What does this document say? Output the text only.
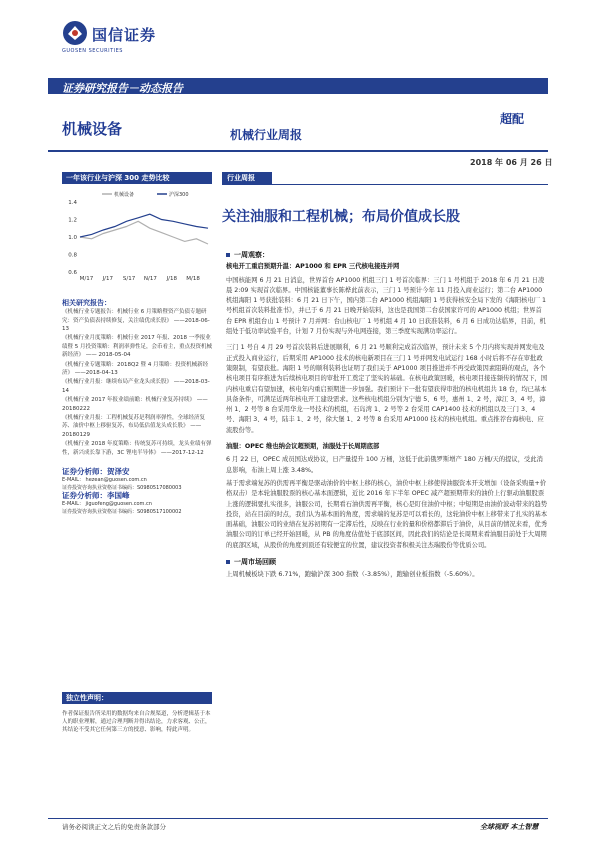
国信证券
GUOSEN SECURITIES
证券研究报告－动态报告
机械设备	机械行业周报
超配
2018 年 06 月 26 日
一年该行业与沪深 300 走势比较
机械设备	沪深300
1.4
1.2
1.0
0.8
0.6
M/17 J/17 S/17 N/17 J/18 M/18
相关研究报告：
《机械行业专题报告：机械行业 6 月策略暨资产负债专题研究：资产负债表持续修复，关注绩优成长股》 ——2018-06-13
《机械行业月度策略：机械行业 2017 年报、2018 一季报业绩暨 5 月投资策略：利润率弹性足，会币看主，重点投资机械新经济》 —— 2018-05-04
《机械行业专题策略：2018Q2 暨 4 月策略：投资机械新经济》 ——2018-04-13
《机械行业月报：继续布局产业龙头成长股》 ——2018-03-14
《机械行业 2017 年报业绩前瞻：机械行业复苏持续》 ——20180222
《机械行业月报：工程机械复苏是利润率弹性，全球经济复苏、油价中枢上移驱复苏，布局低估值龙头成长股》 ——20180129
《机械行业 2018 年度策略：传统复苏可持续，龙头业绩有弹性，新兴成长靠下游，3C 锂电半导体》 ——2017-12-12
证券分析师：贺泽安
E-MAIL： hezean@guosen.com.cn
证券投资咨询执业资格证书编码：S0980517080003
证券分析师：李国峰
E-MAIL： jiguofeng@guosen.com.cn
证券投资咨询执业资格证书编码：S0980517100002
独立性声明：
作者保证报告所采用的数据均来自合规渠道，分析逻辑基于本人的职业理解，通过合理判断并得出结论，力求客观、公正，其结论不受其它任何第三方的授意、影响，特此声明。
行业周报
关注油服和工程机械；布局价值成长股
一周观察：
核电开工重启预期升温：AP1000 和 EPR 三代核电接连并网
中国核能网 6 月 21 日消息，世界首台 AP1000 机组三门 1 号首次临界：三门 1 号机组于 2018 年 6 月 21 日凌晨 2:09 实现首次临界。中国核能董事长陈桦此前表示，三门 1 号预计今年 11 月投入商业运行；第二台 AP1000 机组海阳 1 号获批装料：6 月 21 日下午，国内第二台 AP1000 机组海阳 1 号获得核安全局下发的《海阳核电厂 1 号机组首次装料批准书》，并已于 6 月 21 日晚开始装料，这也是我国第二台获国家许可的 AP1000 机组；世界首台 EPR 机组台山 1 号预计 7 月并网：台山核电厂 1 号机组 4 月 10 日获准装料，6 月 6 日成功达临界，目前，机组处于低功率试验平台，计划 7 月份实现与外电网连接，第三季度实现满功率运行。
三门 1 号自 4 月 29 号首次装料后进展顺利，6 月 21 号顺利完成首次临界，预计未来 5 个月内将实现并网发电及正式投入商业运行，后期采用 AP1000 技术的核电新项目在三门 1 号并网发电试运行 168 小时后将不存在审批政策限制，有望获批。海阳 1 号的顺利装料也证明了我们关于 AP1000 项目推进并不再受政策因素阻碍的观点，各个核电项目有序推进为后续核电项目的审批开工奠定了坚实的基础。在核电政策回暖，核电项目接连频传的情况下，国内核电重启有望加速，核电年内重启预期进一步加强。我们预计下一批有望获得审批的核电机组共 18 台，均已基本具备条件，可满足近两年核电开工建设需求。这些核电机组分别为宁德 5、6 号，惠州 1、2 号，漳江 3、4 号，漳州 1、2 号等 8 台采用华龙一号技术的机组，石岛湾 1、2 号等 2 台采用 CAP1400 技术的机组以及三门 3、4 号、海阳 3、4 号，陆丰 1、2 号，徐大堡 1、2 号等 8 台采用 AP1000 技术的核电机组。重点推荐台海核电、应流股份等。
油服：OPEC 维也纳会议超预期，油服处于长周期底部
6 月 22 日，OPEC 成员国达成协议，日产量提升 100 万桶，这低于此前俄罗斯增产 180 万桶/天的提议，受此消息影响，布油上周上涨 3.48%。
基于需求端复苏的供需再平衡是驱动油价的中枢上移的核心，油价中枢上移使得油服资本开支增加（设备采购量+价格双击）是本轮油服股票的核心基本面逻辑，近比 2016 年下半年 OPEC 减产超预期带来的油价上行驱动油服股票上涨的逻辑要扎实很多，油服公司，长期看石油供需再平衡，核心是盯住油价中枢；中短期是由油价波动带来的趋势投资，站在目前的时点，我们认为基本面的角度，需求端的复苏是可以看长的，这轮油价中枢上移带来了扎实的基本面基础，油服公司的业绩在复苏初期有一定滞后性，反映在行业的量和价格都滞后于油价，从目前的情况来看，优秀油服公司的订单已经开始回暖，从 PB 的角度估值处于底部区间，因此我们的结论是长周期来看油服目前处于大周期的底部区域，从股价的角度到顶还有较便宜的位置，建议投资者积极关注杰瑞股份等优质公司。
一周市场回顾
上周机械板块下跌 6.71%，跑输沪深 300 指数（-3.85%），跑输创业板指数（-5.60%）。
请务必阅读正文之后的免责条款部分	全球视野 本土智慧
